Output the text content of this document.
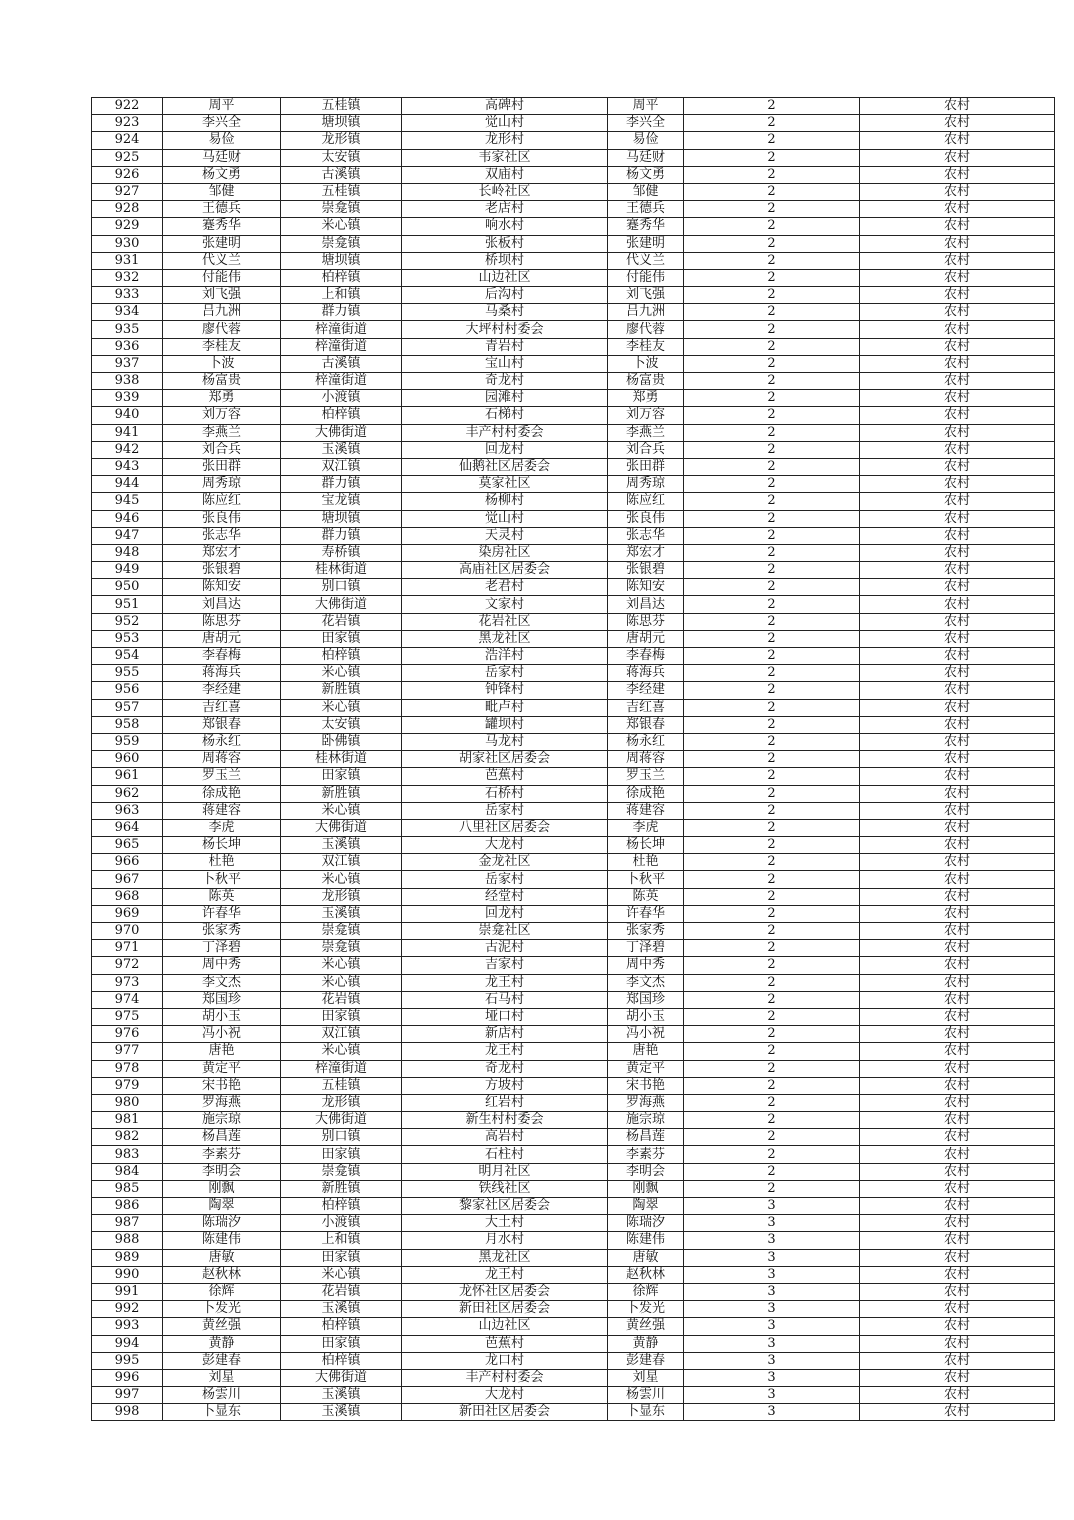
922	周平	五桂镇	高碑村	周平	2	农村
923	李兴全	塘坝镇	觉山村	李兴全	2	农村
924	易俭	龙形镇	龙形村	易俭	2	农村
925	马廷财	太安镇	韦家社区	马廷财	2	农村
926	杨文勇	古溪镇	双庙村	杨文勇	2	农村
927	邹健	五桂镇	长岭社区	邹健	2	农村
928	王德兵	崇龛镇	老店村	王德兵	2	农村
929	蹇秀华	米心镇	响水村	蹇秀华	2	农村
930	张建明	崇龛镇	张板村	张建明	2	农村
931	代义兰	塘坝镇	桥坝村	代义兰	2	农村
932	付能伟	柏梓镇	山边社区	付能伟	2	农村
933	刘飞强	上和镇	后沟村	刘飞强	2	农村
934	吕九洲	群力镇	马桑村	吕九洲	2	农村
935	廖代蓉	梓潼街道	大坪村村委会	廖代蓉	2	农村
936	李桂友	梓潼街道	青岩村	李桂友	2	农村
937	卜波	古溪镇	宝山村	卜波	2	农村
938	杨富贵	梓潼街道	奇龙村	杨富贵	2	农村
939	郑勇	小渡镇	园滩村	郑勇	2	农村
940	刘万容	柏梓镇	石梯村	刘万容	2	农村
941	李燕兰	大佛街道	丰产村村委会	李燕兰	2	农村
942	刘合兵	玉溪镇	回龙村	刘合兵	2	农村
943	张田群	双江镇	仙鹅社区居委会	张田群	2	农村
944	周秀琼	群力镇	莫家社区	周秀琼	2	农村
945	陈应红	宝龙镇	杨柳村	陈应红	2	农村
946	张良伟	塘坝镇	觉山村	张良伟	2	农村
947	张志华	群力镇	天灵村	张志华	2	农村
948	郑宏才	寿桥镇	染房社区	郑宏才	2	农村
949	张银碧	桂林街道	高庙社区居委会	张银碧	2	农村
950	陈知安	别口镇	老君村	陈知安	2	农村
951	刘昌达	大佛街道	文家村	刘昌达	2	农村
952	陈思芬	花岩镇	花岩社区	陈思芬	2	农村
953	唐胡元	田家镇	黑龙社区	唐胡元	2	农村
954	李春梅	柏梓镇	浩洋村	李春梅	2	农村
955	蒋海兵	米心镇	岳家村	蒋海兵	2	农村
956	李经建	新胜镇	钟锋村	李经建	2	农村
957	吉红喜	米心镇	毗卢村	吉红喜	2	农村
958	郑银春	太安镇	罐坝村	郑银春	2	农村
959	杨永红	卧佛镇	马龙村	杨永红	2	农村
960	周蒋容	桂林街道	胡家社区居委会	周蒋容	2	农村
961	罗玉兰	田家镇	芭蕉村	罗玉兰	2	农村
962	徐成艳	新胜镇	石桥村	徐成艳	2	农村
963	蒋建容	米心镇	岳家村	蒋建容	2	农村
964	李虎	大佛街道	八里社区居委会	李虎	2	农村
965	杨长坤	玉溪镇	大龙村	杨长坤	2	农村
966	杜艳	双江镇	金龙社区	杜艳	2	农村
967	卜秋平	米心镇	岳家村	卜秋平	2	农村
968	陈英	龙形镇	经堂村	陈英	2	农村
969	许春华	玉溪镇	回龙村	许春华	2	农村
970	张家秀	崇龛镇	崇龛社区	张家秀	2	农村
971	丁泽碧	崇龛镇	古泥村	丁泽碧	2	农村
972	周中秀	米心镇	吉家村	周中秀	2	农村
973	李文杰	米心镇	龙王村	李文杰	2	农村
974	郑国珍	花岩镇	石马村	郑国珍	2	农村
975	胡小玉	田家镇	垭口村	胡小玉	2	农村
976	冯小祝	双江镇	新店村	冯小祝	2	农村
977	唐艳	米心镇	龙王村	唐艳	2	农村
978	黄定平	梓潼街道	奇龙村	黄定平	2	农村
979	宋书艳	五桂镇	方坡村	宋书艳	2	农村
980	罗海燕	龙形镇	红岩村	罗海燕	2	农村
981	施宗琼	大佛街道	新生村村委会	施宗琼	2	农村
982	杨昌莲	别口镇	高岩村	杨昌莲	2	农村
983	李素芬	田家镇	石柱村	李素芬	2	农村
984	李明会	崇龛镇	明月社区	李明会	2	农村
985	刚飘	新胜镇	铁线社区	刚飘	2	农村
986	陶翠	柏梓镇	黎家社区居委会	陶翠	3	农村
987	陈瑞汐	小渡镇	大土村	陈瑞汐	3	农村
988	陈建伟	上和镇	月水村	陈建伟	3	农村
989	唐敏	田家镇	黑龙社区	唐敏	3	农村
990	赵秋林	米心镇	龙王村	赵秋林	3	农村
991	徐辉	花岩镇	龙怀社区居委会	徐辉	3	农村
992	卜发光	玉溪镇	新田社区居委会	卜发光	3	农村
993	黄丝强	柏梓镇	山边社区	黄丝强	3	农村
994	黄静	田家镇	芭蕉村	黄静	3	农村
995	彭建春	柏梓镇	龙口村	彭建春	3	农村
996	刘星	大佛街道	丰产村村委会	刘星	3	农村
997	杨雲川	玉溪镇	大龙村	杨雲川	3	农村
998	卜显东	玉溪镇	新田社区居委会	卜显东	3	农村
